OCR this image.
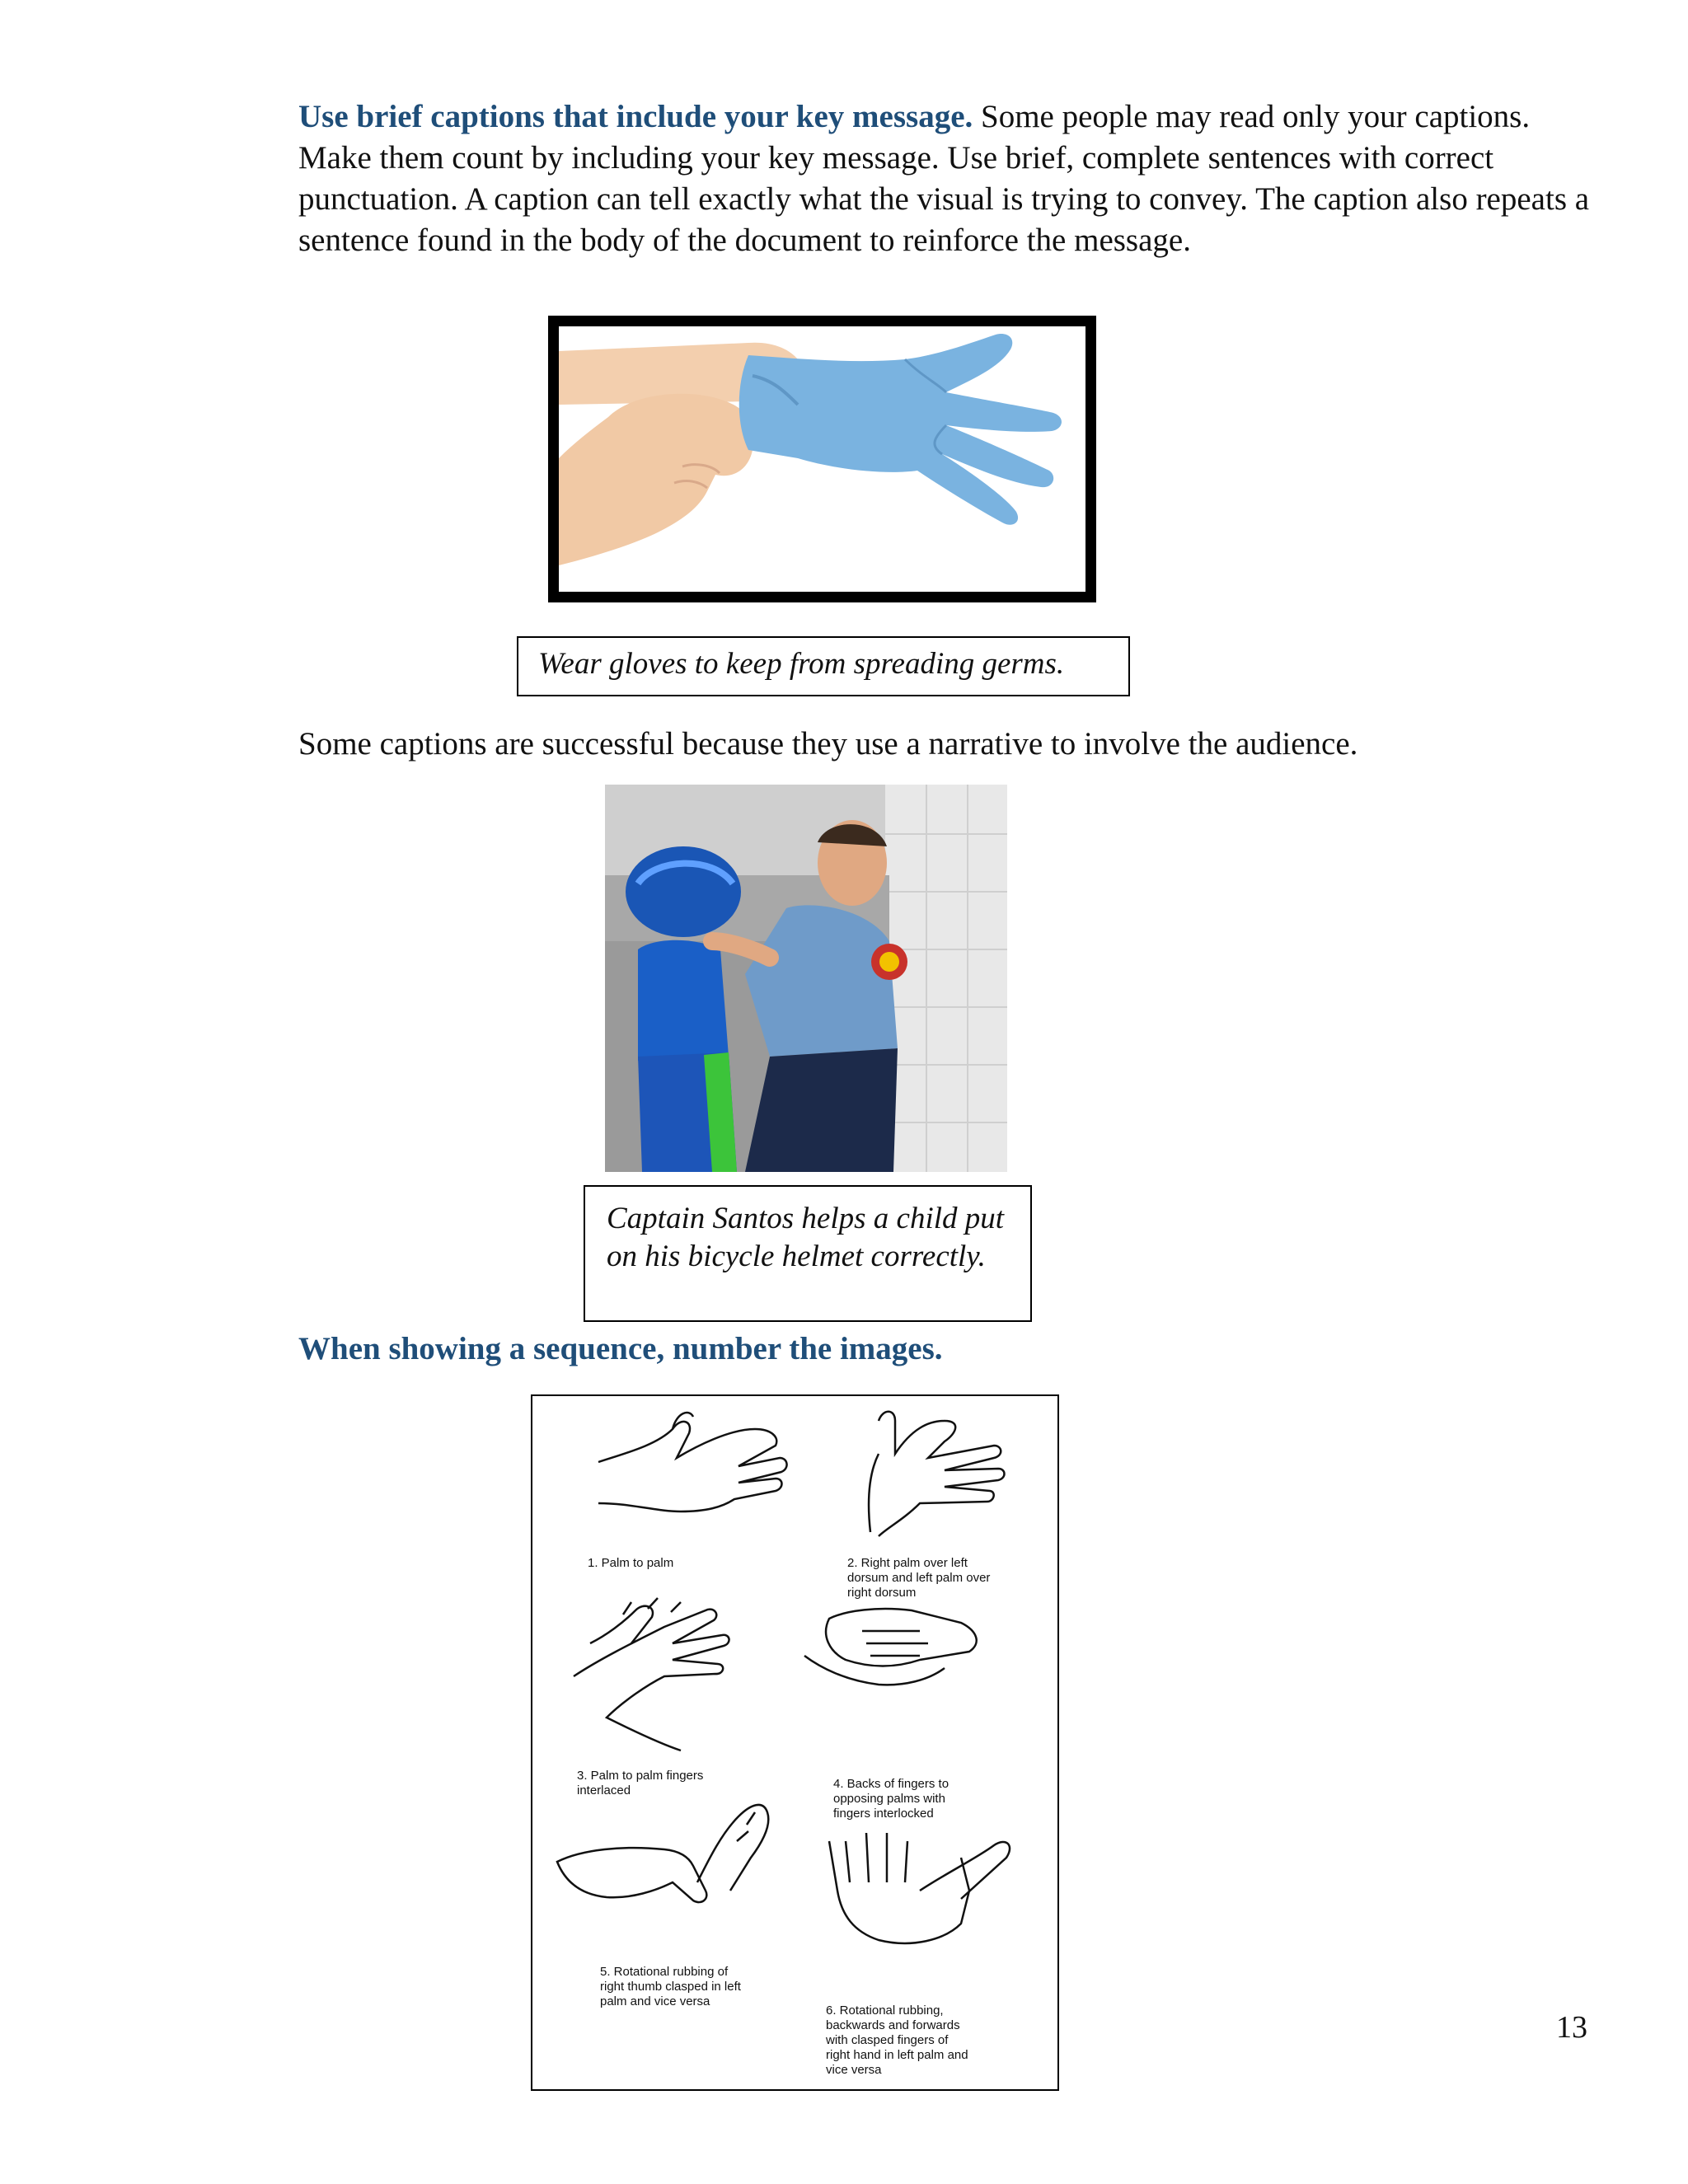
Use brief captions that include your key message. Some people may read only your captions. Make them count by including your key message. Use brief, complete sentences with correct punctuation. A caption can tell exactly what the visual is trying to convey. The caption also repeats a sentence found in the body of the document to reinforce the message.

Wear gloves to keep from spreading germs.

Some captions are successful because they use a narrative to involve the audience.

Captain Santos helps a child put on his bicycle helmet correctly.
When showing a sequence, number the images.
1. Palm to palm	2. Right palm over left
dorsum and left palm over
right dorsum
3. Palm to palm fingers
interlaced	4. Backs of fingers to
opposing palms with
fingers interlocked
5. Rotational rubbing of
right thumb clasped in left
palm and vice versa
6. Rotational rubbing,
backwards and forwards
with clasped fingers of
right hand in left palm and
vice versa
13
